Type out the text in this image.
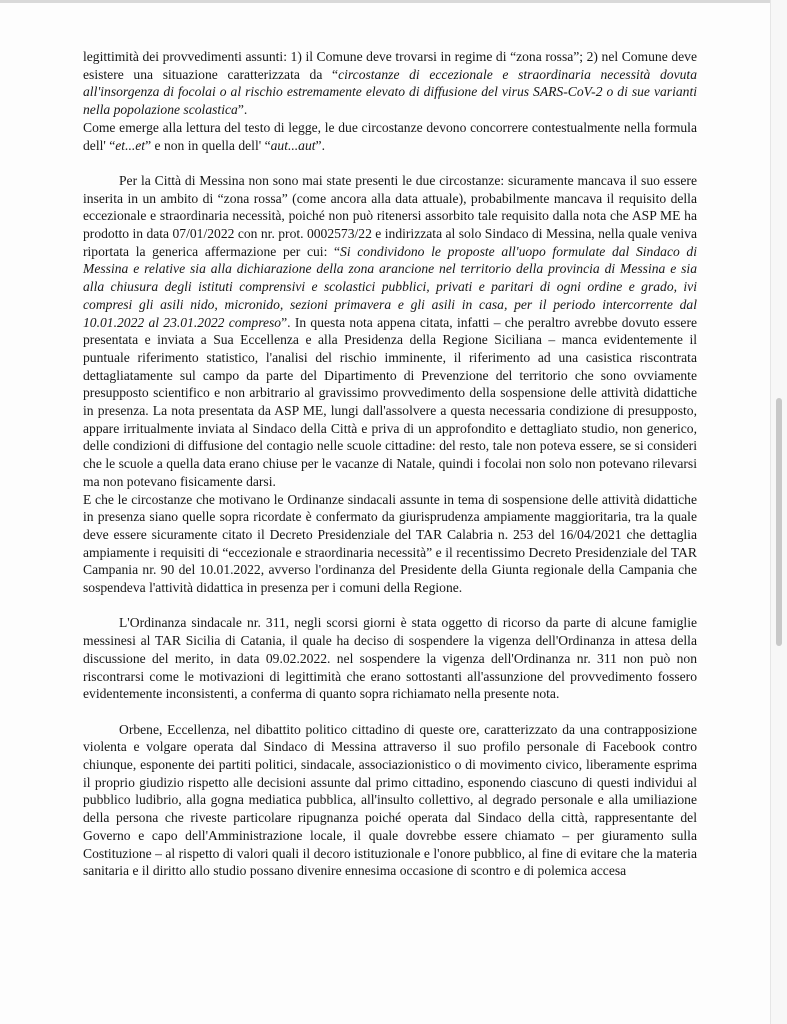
legittimità dei provvedimenti assunti: 1) il Comune deve trovarsi in regime di “zona rossa”; 2) nel Comune deve esistere una situazione caratterizzata da “circostanze di eccezionale e straordinaria necessità dovuta all'insorgenza di focolai o al rischio estremamente elevato di diffusione del virus SARS-CoV-2 o di sue varianti nella popolazione scolastica”.

Come emerge alla lettura del testo di legge, le due circostanze devono concorrere contestualmente nella formula dell' “et...et” e non in quella dell' “aut...aut”.

Per la Città di Messina non sono mai state presenti le due circostanze: sicuramente mancava il suo essere inserita in un ambito di “zona rossa” (come ancora alla data attuale), probabilmente mancava il requisito della eccezionale e straordinaria necessità, poiché non può ritenersi assorbito tale requisito dalla nota che ASP ME ha prodotto in data 07/01/2022 con nr. prot. 0002573/22 e indirizzata al solo Sindaco di Messina, nella quale veniva riportata la generica affermazione per cui: “Si condividono le proposte all'uopo formulate dal Sindaco di Messina e relative sia alla dichiarazione della zona arancione nel territorio della provincia di Messina e sia alla chiusura degli istituti comprensivi e scolastici pubblici, privati e paritari di ogni ordine e grado, ivi compresi gli asili nido, micronido, sezioni primavera e gli asili in casa, per il periodo intercorrente dal 10.01.2022 al 23.01.2022 compreso”. In questa nota appena citata, infatti – che peraltro avrebbe dovuto essere presentata e inviata a Sua Eccellenza e alla Presidenza della Regione Siciliana – manca evidentemente il puntuale riferimento statistico, l'analisi del rischio imminente, il riferimento ad una casistica riscontrata dettagliatamente sul campo da parte del Dipartimento di Prevenzione del territorio che sono ovviamente presupposto scientifico e non arbitrario al gravissimo provvedimento della sospensione delle attività didattiche in presenza. La nota presentata da ASP ME, lungi dall'assolvere a questa necessaria condizione di presupposto, appare irritualmente inviata al Sindaco della Città e priva di un approfondito e dettagliato studio, non generico, delle condizioni di diffusione del contagio nelle scuole cittadine: del resto, tale non poteva essere, se si consideri che le scuole a quella data erano chiuse per le vacanze di Natale, quindi i focolai non solo non potevano rilevarsi ma non potevano fisicamente darsi.

E che le circostanze che motivano le Ordinanze sindacali assunte in tema di sospensione delle attività didattiche in presenza siano quelle sopra ricordate è confermato da giurisprudenza ampiamente maggioritaria, tra la quale deve essere sicuramente citato il Decreto Presidenziale del TAR Calabria n. 253 del 16/04/2021 che dettaglia ampiamente i requisiti di “eccezionale e straordinaria necessità” e il recentissimo Decreto Presidenziale del TAR Campania nr. 90 del 10.01.2022, avverso l'ordinanza del Presidente della Giunta regionale della Campania che sospendeva l'attività didattica in presenza per i comuni della Regione.

L'Ordinanza sindacale nr. 311, negli scorsi giorni è stata oggetto di ricorso da parte di alcune famiglie messinesi al TAR Sicilia di Catania, il quale ha deciso di sospendere la vigenza dell'Ordinanza in attesa della discussione del merito, in data 09.02.2022. nel sospendere la vigenza dell'Ordinanza nr. 311 non può non riscontrarsi come le motivazioni di legittimità che erano sottostanti all'assunzione del provvedimento fossero evidentemente inconsistenti, a conferma di quanto sopra richiamato nella presente nota.

Orbene, Eccellenza, nel dibattito politico cittadino di queste ore, caratterizzato da una contrapposizione violenta e volgare operata dal Sindaco di Messina attraverso il suo profilo personale di Facebook contro chiunque, esponente dei partiti politici, sindacale, associazionistico o di movimento civico, liberamente esprima il proprio giudizio rispetto alle decisioni assunte dal primo cittadino, esponendo ciascuno di questi individui al pubblico ludibrio, alla gogna mediatica pubblica, all'insulto collettivo, al degrado personale e alla umiliazione della persona che riveste particolare ripugnanza poiché operata dal Sindaco della città, rappresentante del Governo e capo dell'Amministrazione locale, il quale dovrebbe essere chiamato – per giuramento sulla Costituzione – al rispetto di valori quali il decoro istituzionale e l'onore pubblico, al fine di evitare che la materia sanitaria e il diritto allo studio possano divenire ennesima occasione di scontro e di polemica accesa
